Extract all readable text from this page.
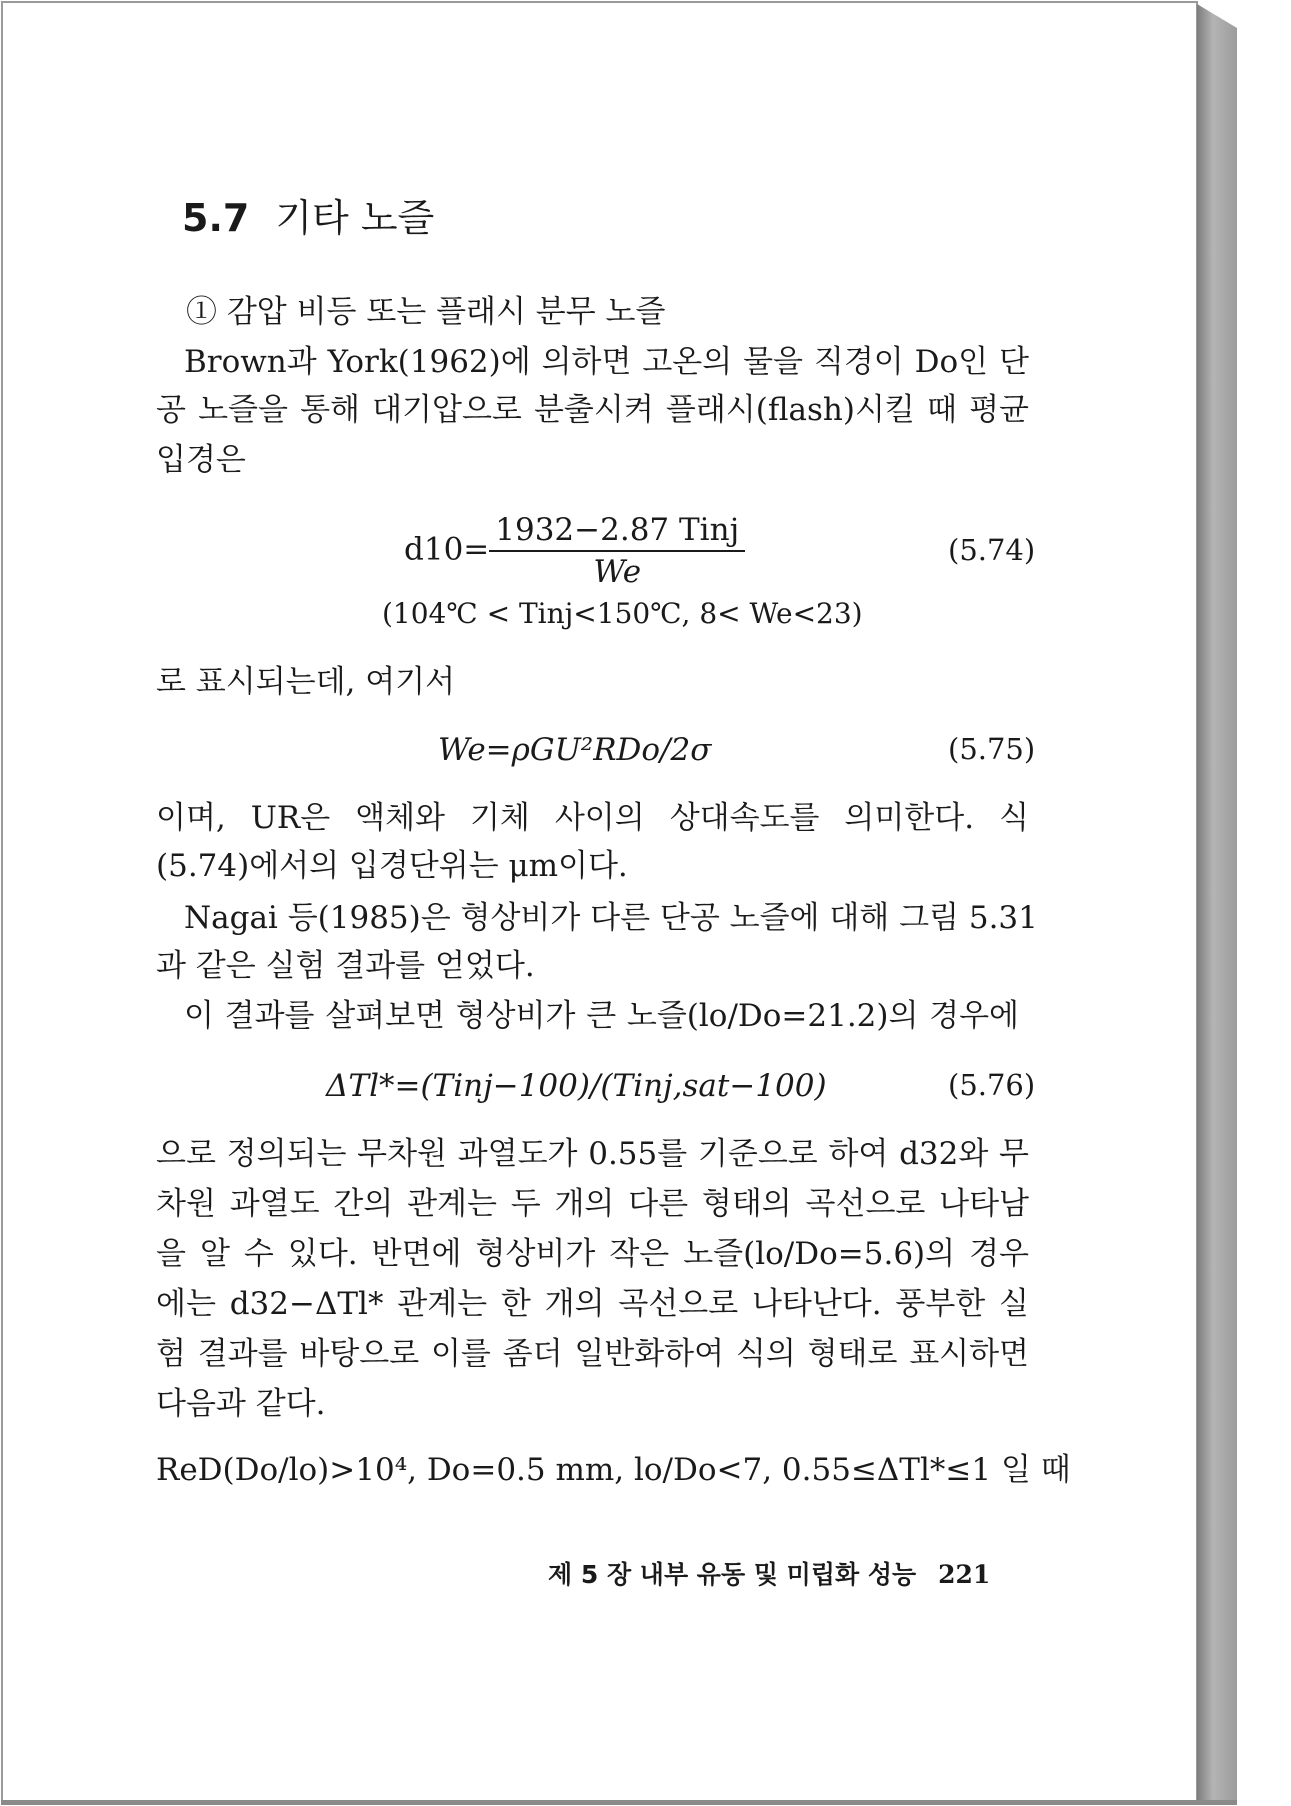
5.7 기타 노즐
① 감압 비등 또는 플래시 분무 노즐
Brown과 York(1962)에 의하면 고온의 물을 직경이 Do인 단
공 노즐을 통해 대기압으로 분출시켜 플래시(flash)시킬 때 평균
입경은
$d10= \frac{\text{1932−2.87 Tinj}}{We}$	(5.74)
(104℃ < Tinj<150℃, 8< We<23)
로 표시되는데, 여기서
We=ρGU²RDo/2σ	(5.75)
이며, UR은 액체와 기체 사이의 상대속도를 의미한다. 식
(5.74)에서의 입경단위는 μm이다.
Nagai 등(1985)은 형상비가 다른 단공 노즐에 대해 그림 5.31
과 같은 실험 결과를 얻었다.
이 결과를 살펴보면 형상비가 큰 노즐(lo/Do=21.2)의 경우에
ΔTl*=(Tinj−100)/(Tinj,sat−100)	(5.76)
으로 정의되는 무차원 과열도가 0.55를 기준으로 하여 d32와 무
차원 과열도 간의 관계는 두 개의 다른 형태의 곡선으로 나타남
을 알 수 있다. 반면에 형상비가 작은 노즐(lo/Do=5.6)의 경우
에는 d32−ΔTl* 관계는 한 개의 곡선으로 나타난다. 풍부한 실
험 결과를 바탕으로 이를 좀더 일반화하여 식의 형태로 표시하면
다음과 같다.
ReD(Do/lo)>10⁴, Do=0.5 mm, lo/Do<7, 0.55≤ΔTl*≤1 일 때
제 5 장 내부 유동 및 미립화 성능 221
